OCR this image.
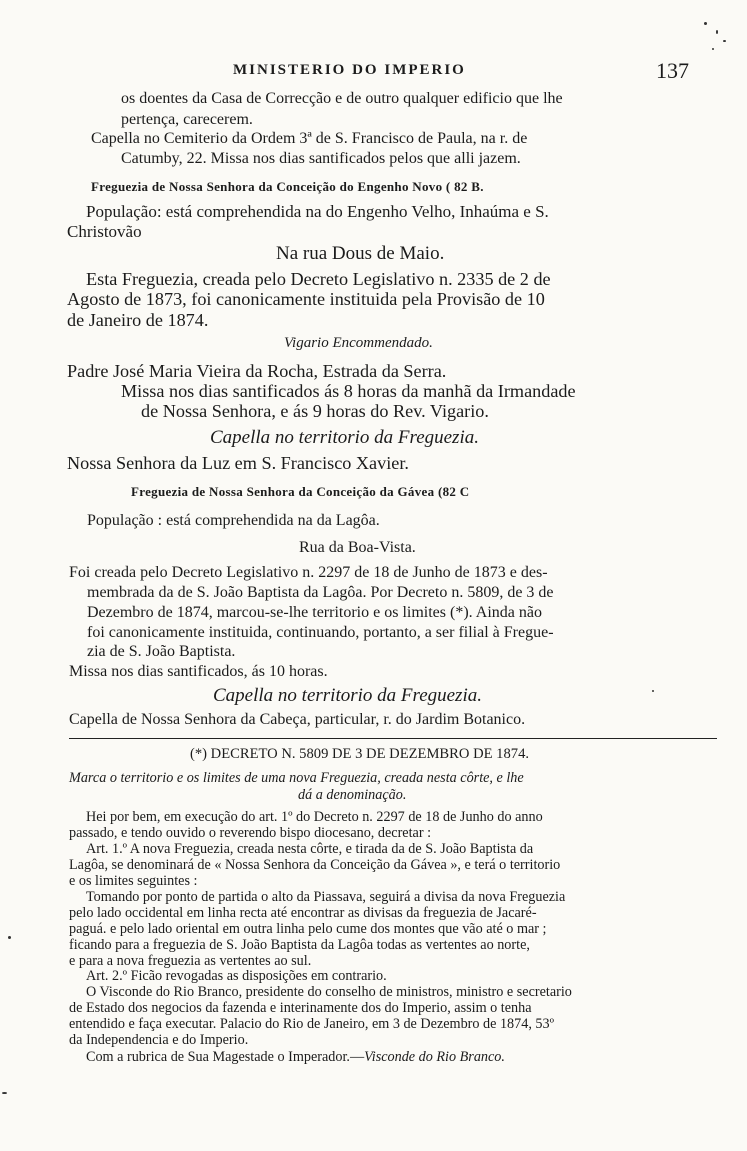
MINISTERIO DO IMPERIO	137
os doentes da Casa de Correcção e de outro qualquer edificio que lhe
pertença, carecerem.
Capella no Cemiterio da Ordem 3ª de S. Francisco de Paula, na r. de
Catumby, 22. Missa nos dias santificados pelos que alli jazem.
Freguezia de Nossa Senhora da Conceição do Engenho Novo ( 82 B.
População: está comprehendida na do Engenho Velho, Inhaúma e S.
Christovão
Na rua Dous de Maio.
Esta Freguezia, creada pelo Decreto Legislativo n. 2335 de 2 de
Agosto de 1873, foi canonicamente instituida pela Provisão de 10
de Janeiro de 1874.
Vigario Encommendado.
Padre José Maria Vieira da Rocha, Estrada da Serra.
Missa nos dias santificados ás 8 horas da manhã da Irmandade
de Nossa Senhora, e ás 9 horas do Rev. Vigario.
Capella no territorio da Freguezia.
Nossa Senhora da Luz em S. Francisco Xavier.
Freguezia de Nossa Senhora da Conceição da Gávea (82 C
População : está comprehendida na da Lagôa.
Rua da Boa-Vista.
Foi creada pelo Decreto Legislativo n. 2297 de 18 de Junho de 1873 e des-
membrada da de S. João Baptista da Lagôa. Por Decreto n. 5809, de 3 de
Dezembro de 1874, marcou-se-lhe territorio e os limites (*). Ainda não
foi canonicamente instituida, continuando, portanto, a ser filial à Fregue-
zia de S. João Baptista.
Missa nos dias santificados, ás 10 horas.
Capella no territorio da Freguezia.
Capella de Nossa Senhora da Cabeça, particular, r. do Jardim Botanico.
(*) DECRETO N. 5809 DE 3 DE DEZEMBRO DE 1874.
Marca o territorio e os limites de uma nova Freguezia, creada nesta côrte, e lhe
dá a denominação.
Hei por bem, em execução do art. 1º do Decreto n. 2297 de 18 de Junho do anno
passado, e tendo ouvido o reverendo bispo diocesano, decretar :
Art. 1.º A nova Freguezia, creada nesta côrte, e tirada da de S. João Baptista da
Lagôa, se denominará de « Nossa Senhora da Conceição da Gávea », e terá o territorio
e os limites seguintes :
Tomando por ponto de partida o alto da Piassava, seguirá a divisa da nova Freguezia
pelo lado occidental em linha recta até encontrar as divisas da freguezia de Jacaré-
paguá. e pelo lado oriental em outra linha pelo cume dos montes que vão até o mar ;
ficando para a freguezia de S. João Baptista da Lagôa todas as vertentes ao norte,
e para a nova freguezia as vertentes ao sul.
Art. 2.º Ficão revogadas as disposições em contrario.
O Visconde do Rio Branco, presidente do conselho de ministros, ministro e secretario
de Estado dos negocios da fazenda e interinamente dos do Imperio, assim o tenha
entendido e faça executar. Palacio do Rio de Janeiro, em 3 de Dezembro de 1874, 53º
da Independencia e do Imperio.
Com a rubrica de Sua Magestade o Imperador.—Visconde do Rio Branco.
